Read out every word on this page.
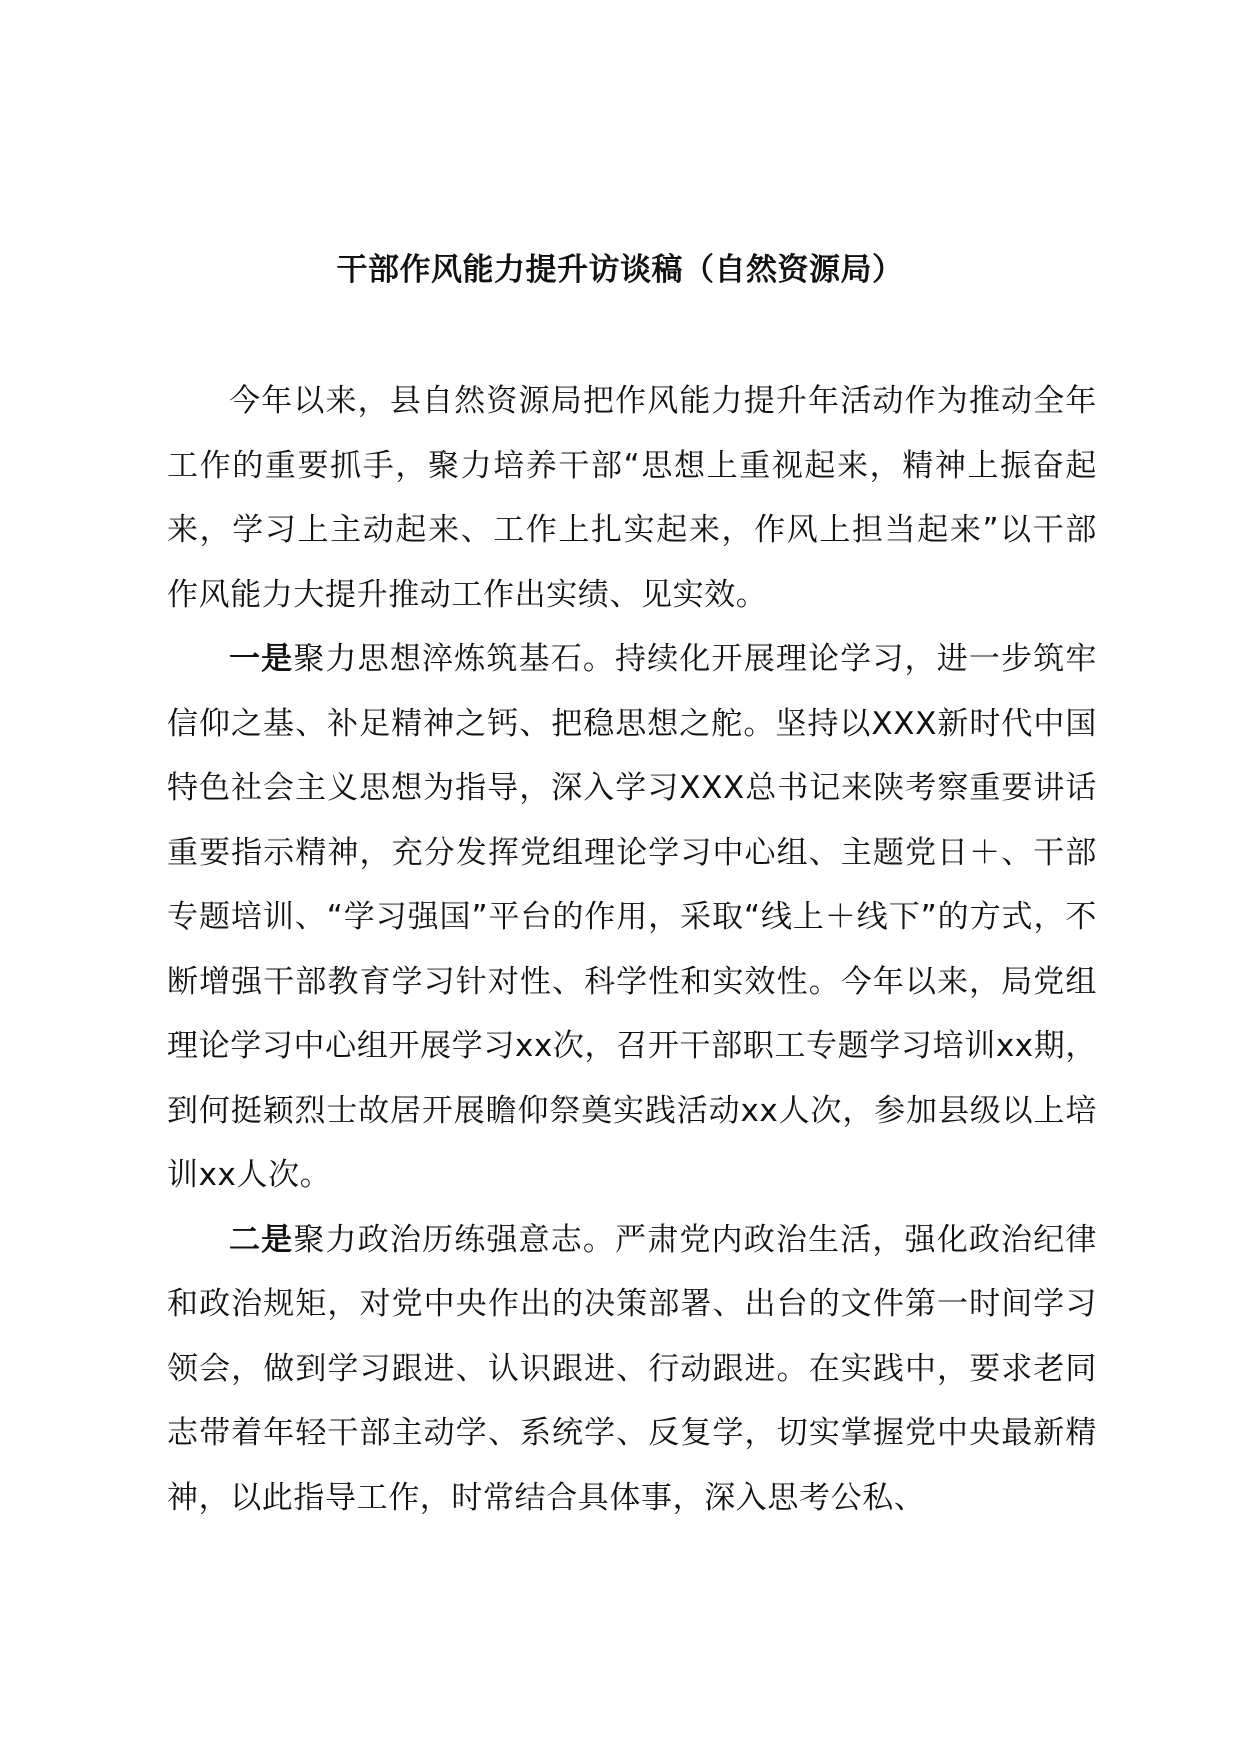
干部作风能力提升访谈稿（自然资源局）

今年以来，县自然资源局把作风能力提升年活动作为推动全年工作的重要抓手，聚力培养干部“思想上重视起来，精神上振奋起来，学习上主动起来、工作上扎实起来，作风上担当起来”以干部作风能力大提升推动工作出实绩、见实效。

一是聚力思想淬炼筑基石。持续化开展理论学习，进一步筑牢信仰之基、补足精神之钙、把稳思想之舵。坚持以XXX新时代中国特色社会主义思想为指导，深入学习XXX总书记来陕考察重要讲话重要指示精神，充分发挥党组理论学习中心组、主题党日＋、干部专题培训、“学习强国”平台的作用，采取“线上＋线下”的方式，不断增强干部教育学习针对性、科学性和实效性。今年以来，局党组理论学习中心组开展学习xx次，召开干部职工专题学习培训xx期，到何挺颖烈士故居开展瞻仰祭奠实践活动xx人次，参加县级以上培训xx人次。

二是聚力政治历练强意志。严肃党内政治生活，强化政治纪律和政治规矩，对党中央作出的决策部署、出台的文件第一时间学习领会，做到学习跟进、认识跟进、行动跟进。在实践中，要求老同志带着年轻干部主动学、系统学、反复学，切实掌握党中央最新精神，以此指导工作，时常结合具体事，深入思考公私、
